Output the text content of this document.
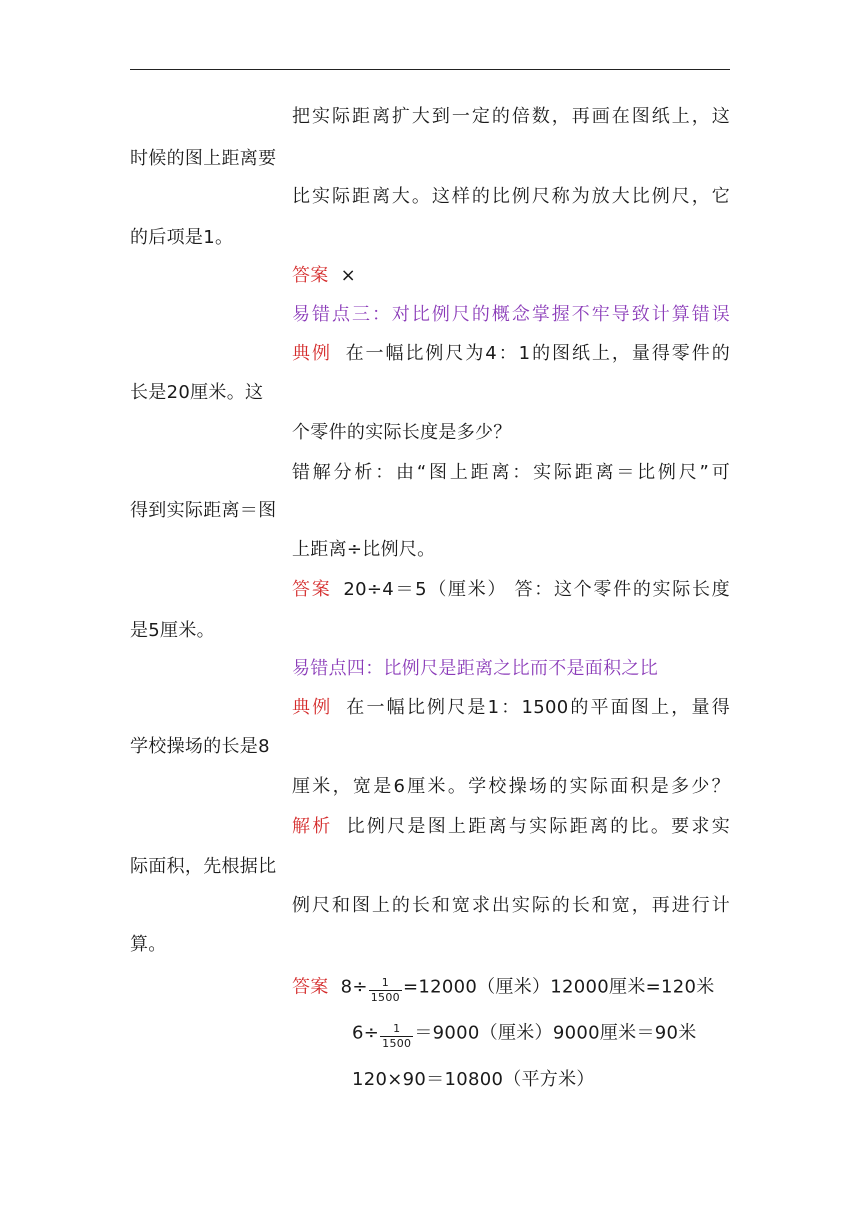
把实际距离扩大到一定的倍数，再画在图纸上，这
时候的图上距离要
比实际距离大。这样的比例尺称为放大比例尺，它
的后项是1。
答案 ×
易错点三：对比例尺的概念掌握不牢导致计算错误
典例 在一幅比例尺为4：1的图纸上，量得零件的
长是20厘米。这
个零件的实际长度是多少？
错解分析：由“图上距离：实际距离＝比例尺”可
得到实际距离＝图
上距离÷比例尺。
答案 20÷4＝5（厘米） 答：这个零件的实际长度
是5厘米。
易错点四：比例尺是距离之比而不是面积之比
典例 在一幅比例尺是1：1500的平面图上，量得
学校操场的长是8
厘米，宽是6厘米。学校操场的实际面积是多少？
解析 比例尺是图上距离与实际距离的比。要求实
际面积，先根据比
例尺和图上的长和宽求出实际的长和宽，再进行计
算。
答案 $8\div \frac{1}{1500} =12000$（厘米）12000厘米=120米
$6\div \frac{1}{1500} =9000$（厘米）9000厘米＝90米
120×90＝10800（平方米）
